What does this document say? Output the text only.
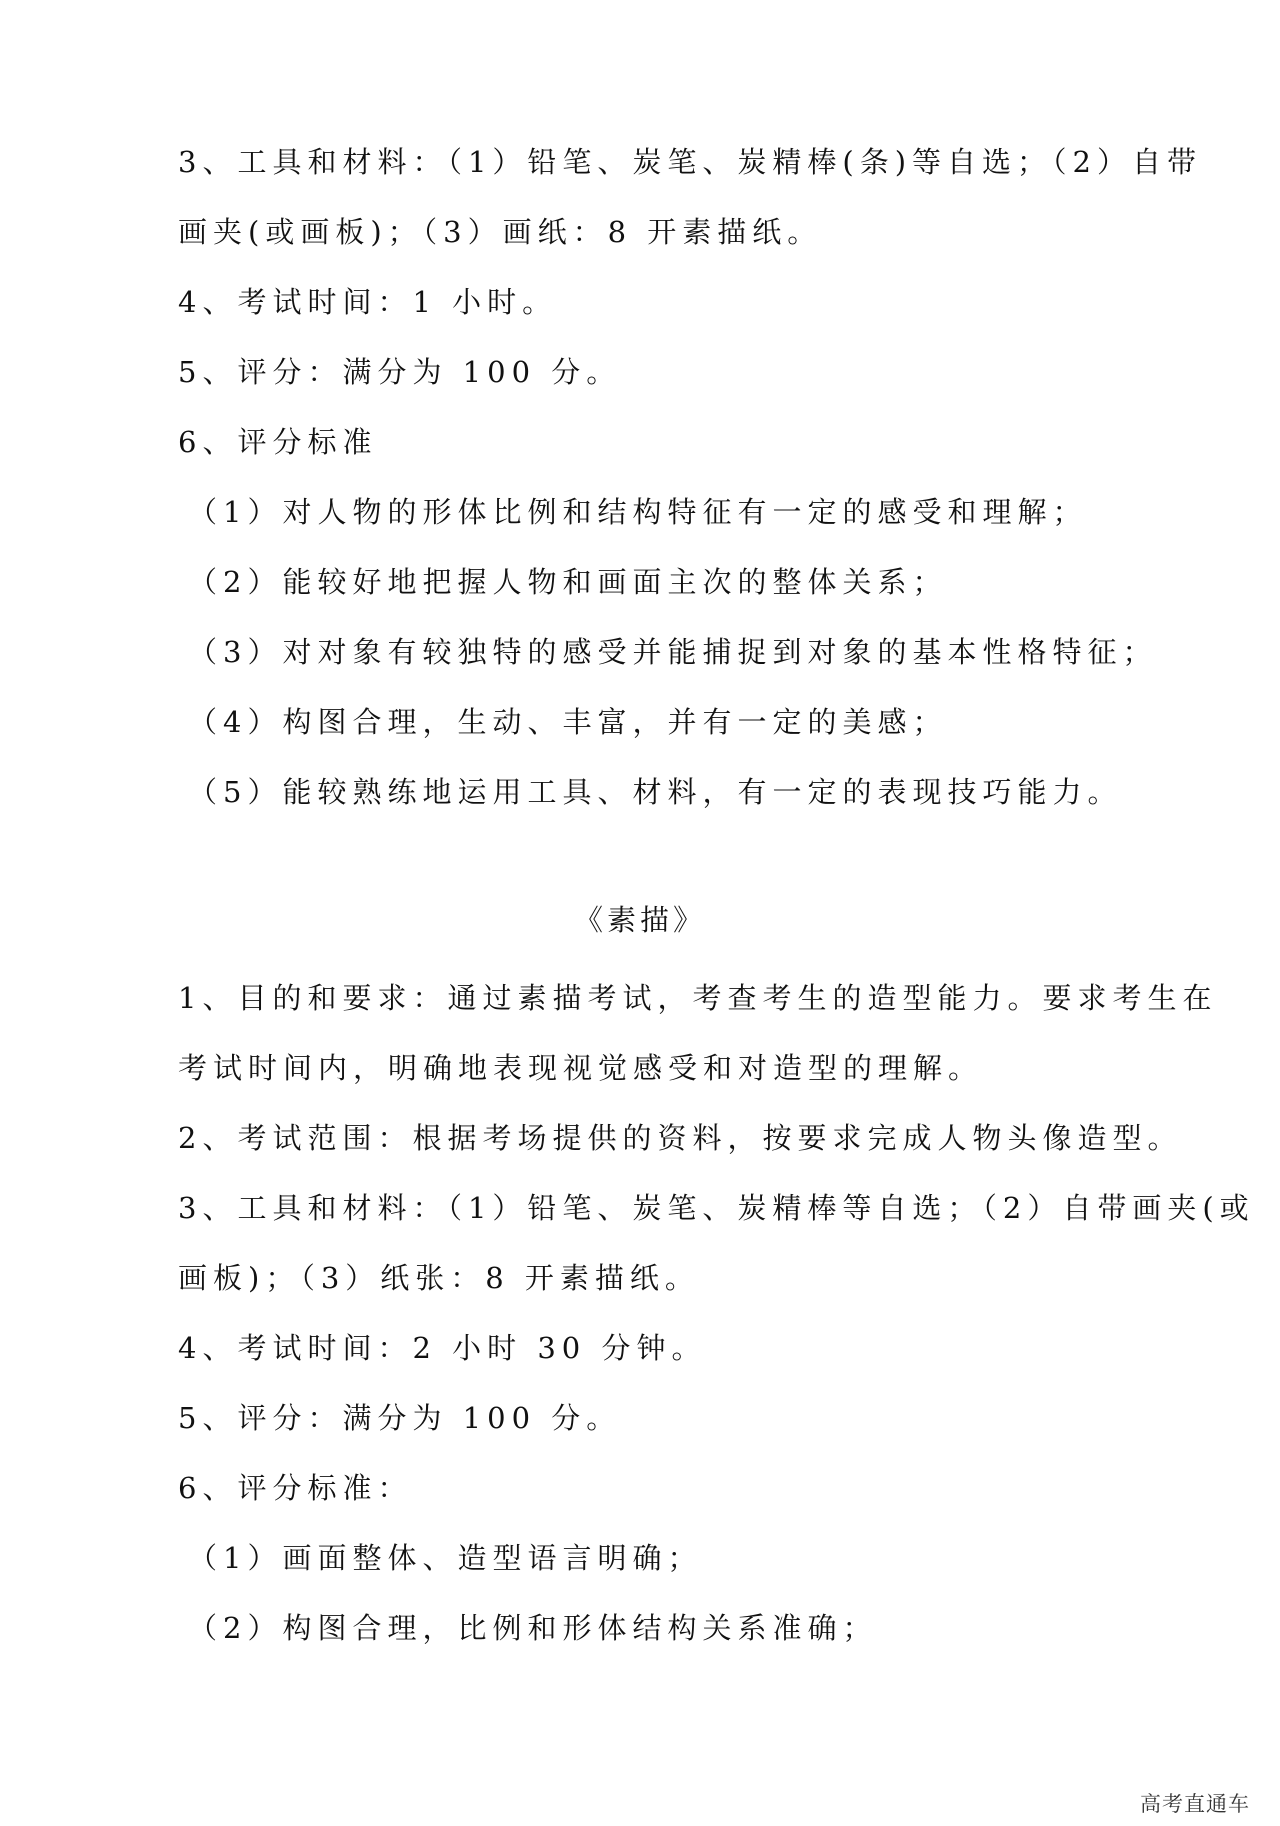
3、工具和材料：（1）铅笔、炭笔、炭精棒(条)等自选；（2）自带
画夹(或画板)；（3）画纸：8 开素描纸。
4、考试时间：1 小时。
5、评分：满分为 100 分。
6、评分标准
（1）对人物的形体比例和结构特征有一定的感受和理解；
（2）能较好地把握人物和画面主次的整体关系；
（3）对对象有较独特的感受并能捕捉到对象的基本性格特征；
（4）构图合理，生动、丰富，并有一定的美感；
（5）能较熟练地运用工具、材料，有一定的表现技巧能力。
《素描》
1、目的和要求：通过素描考试，考查考生的造型能力。要求考生在
考试时间内，明确地表现视觉感受和对造型的理解。
2、考试范围：根据考场提供的资料，按要求完成人物头像造型。
3、工具和材料：（1）铅笔、炭笔、炭精棒等自选；（2）自带画夹(或
画板)；（3）纸张：8 开素描纸。
4、考试时间：2 小时 30 分钟。
5、评分：满分为 100 分。
6、评分标准：
（1）画面整体、造型语言明确；
（2）构图合理，比例和形体结构关系准确；
高考直通车
